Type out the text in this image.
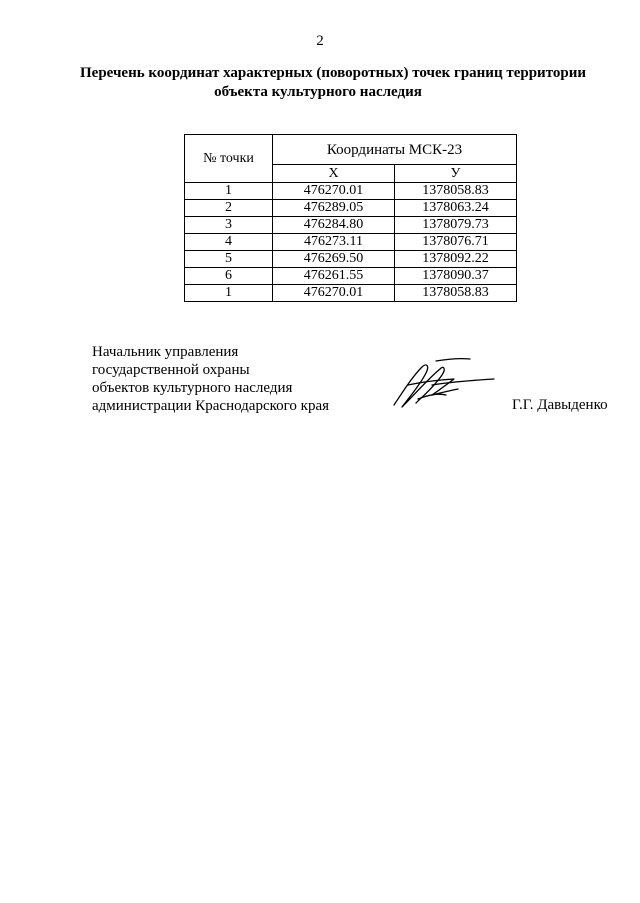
2
Перечень координат характерных (поворотных) точек границ территории
объекта культурного наследия
№ точки	Координаты МСК-23	
	X	У
1	476270.01	1378058.83
2	476289.05	1378063.24
3	476284.80	1378079.73
4	476273.11	1378076.71
5	476269.50	1378092.22
6	476261.55	1378090.37
1	476270.01	1378058.83
Начальник управления
государственной охраны
объектов культурного наследия
администрации Краснодарского края	Г.Г. Давыденко
